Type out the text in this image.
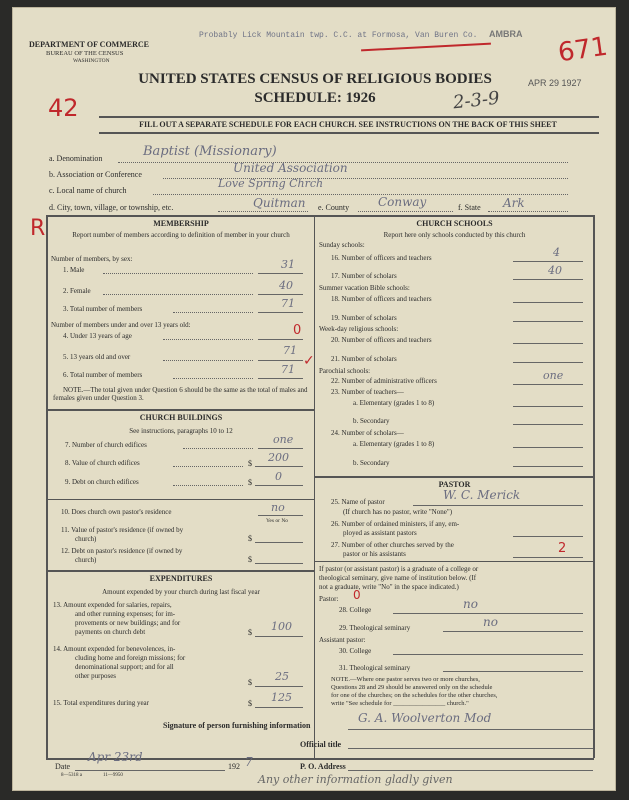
DEPARTMENT OF COMMERCE
BUREAU OF THE CENSUS
WASHINGTON
Probably Lick Mountain twp. C.C. at Formosa, Van Buren Co. AMBRA 671
UNITED STATES CENSUS OF RELIGIOUS BODIES
SCHEDULE: 1926
APR 29 1927
2-3-9
42
R
FILL OUT A SEPARATE SCHEDULE FOR EACH CHURCH. SEE INSTRUCTIONS ON THE BACK OF THIS SHEET
a. Denomination	Baptist (Missionary)
b. Association or Conference	United Association
c. Local name of church
Love Spring Chrch
d. City, town, village, or township, etc.	Quitman e. County Conway	f. State Ark
MEMBERSHIP
Report number of members according to definition of member in your church
Number of members, by sex:
1. Male	31
2. Female	40
3. Total number of members	71
Number of members under and over 13 years old:
4. Under 13 years of age	0
5. 13 years old and over	71
6. Total number of members	71
✓
NOTE.—The total given under Question 6 should be the same as the total of males and females given under Question 3.
CHURCH BUILDINGS
See instructions, paragraphs 10 to 12
7. Number of church edifices	one
8. Value of church edifices	$ 200
9. Debt on church edifices	$ 0
10. Does church own pastor's residence	no
Yes or No
11. Value of pastor's residence (if owned by
church)	$
12. Debt on pastor's residence (if owned by
church)	$
EXPENDITURES
Amount expended by your church during last fiscal year
13. Amount expended for salaries, repairs,
and other running expenses; for im-
provements or new buildings; and for
payments on church debt	$ 100
14. Amount expended for benevolences, in-
cluding home and foreign missions; for
denominational support; and for all
other purposes
$ 25
15. Total expenditures during year	$ 125
CHURCH SCHOOLS
Report here only schools conducted by this church
Sunday schools:
16. Number of officers and teachers	4
17. Number of scholars	40
Summer vacation Bible schools:
18. Number of officers and teachers
19. Number of scholars
Week-day religious schools:
20. Number of officers and teachers
21. Number of scholars
Parochial schools:
22. Number of administrative officers	one
23. Number of teachers—
a. Elementary (grades 1 to 8)
b. Secondary
24. Number of scholars—
a. Elementary (grades 1 to 8)
b. Secondary
PASTOR
25. Name of pastor	W. C. Merick
(If church has no pastor, write "None")
26. Number of ordained ministers, if any, em-
ployed as assistant pastors
27. Number of other churches served by the
pastor or his assistants	2
If pastor (or assistant pastor) is a graduate of a college or
theological seminary, give name of institution below. (If
not a graduate, write "No" in the space indicated.)
Pastor: 0
28. College	no
29. Theological seminary	no
Assistant pastor:
30. College
31. Theological seminary
NOTE.—Where one pastor serves two or more churches,
Questions 28 and 29 should be answered only on the schedule
for one of the churches; on the schedules for the other churches,
write "See schedule for ________________ church."
Signature of person furnishing information
G. A. Woolverton Mod
Official title
Date
Apr 23rd
192 7	P. O. Address
8—5318 a	11—9950	Any other information gladly given
